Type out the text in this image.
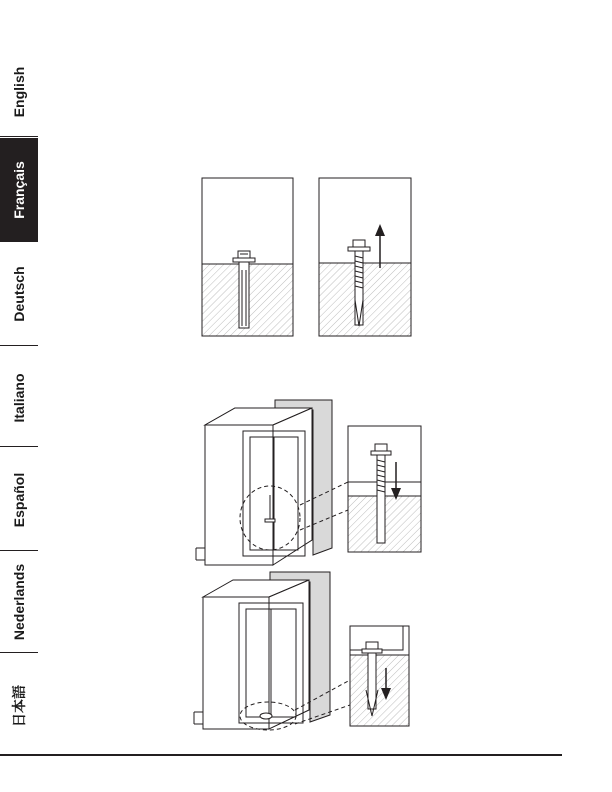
English
Français
Deutsch
Italiano
Español
Nederlands
日本語
